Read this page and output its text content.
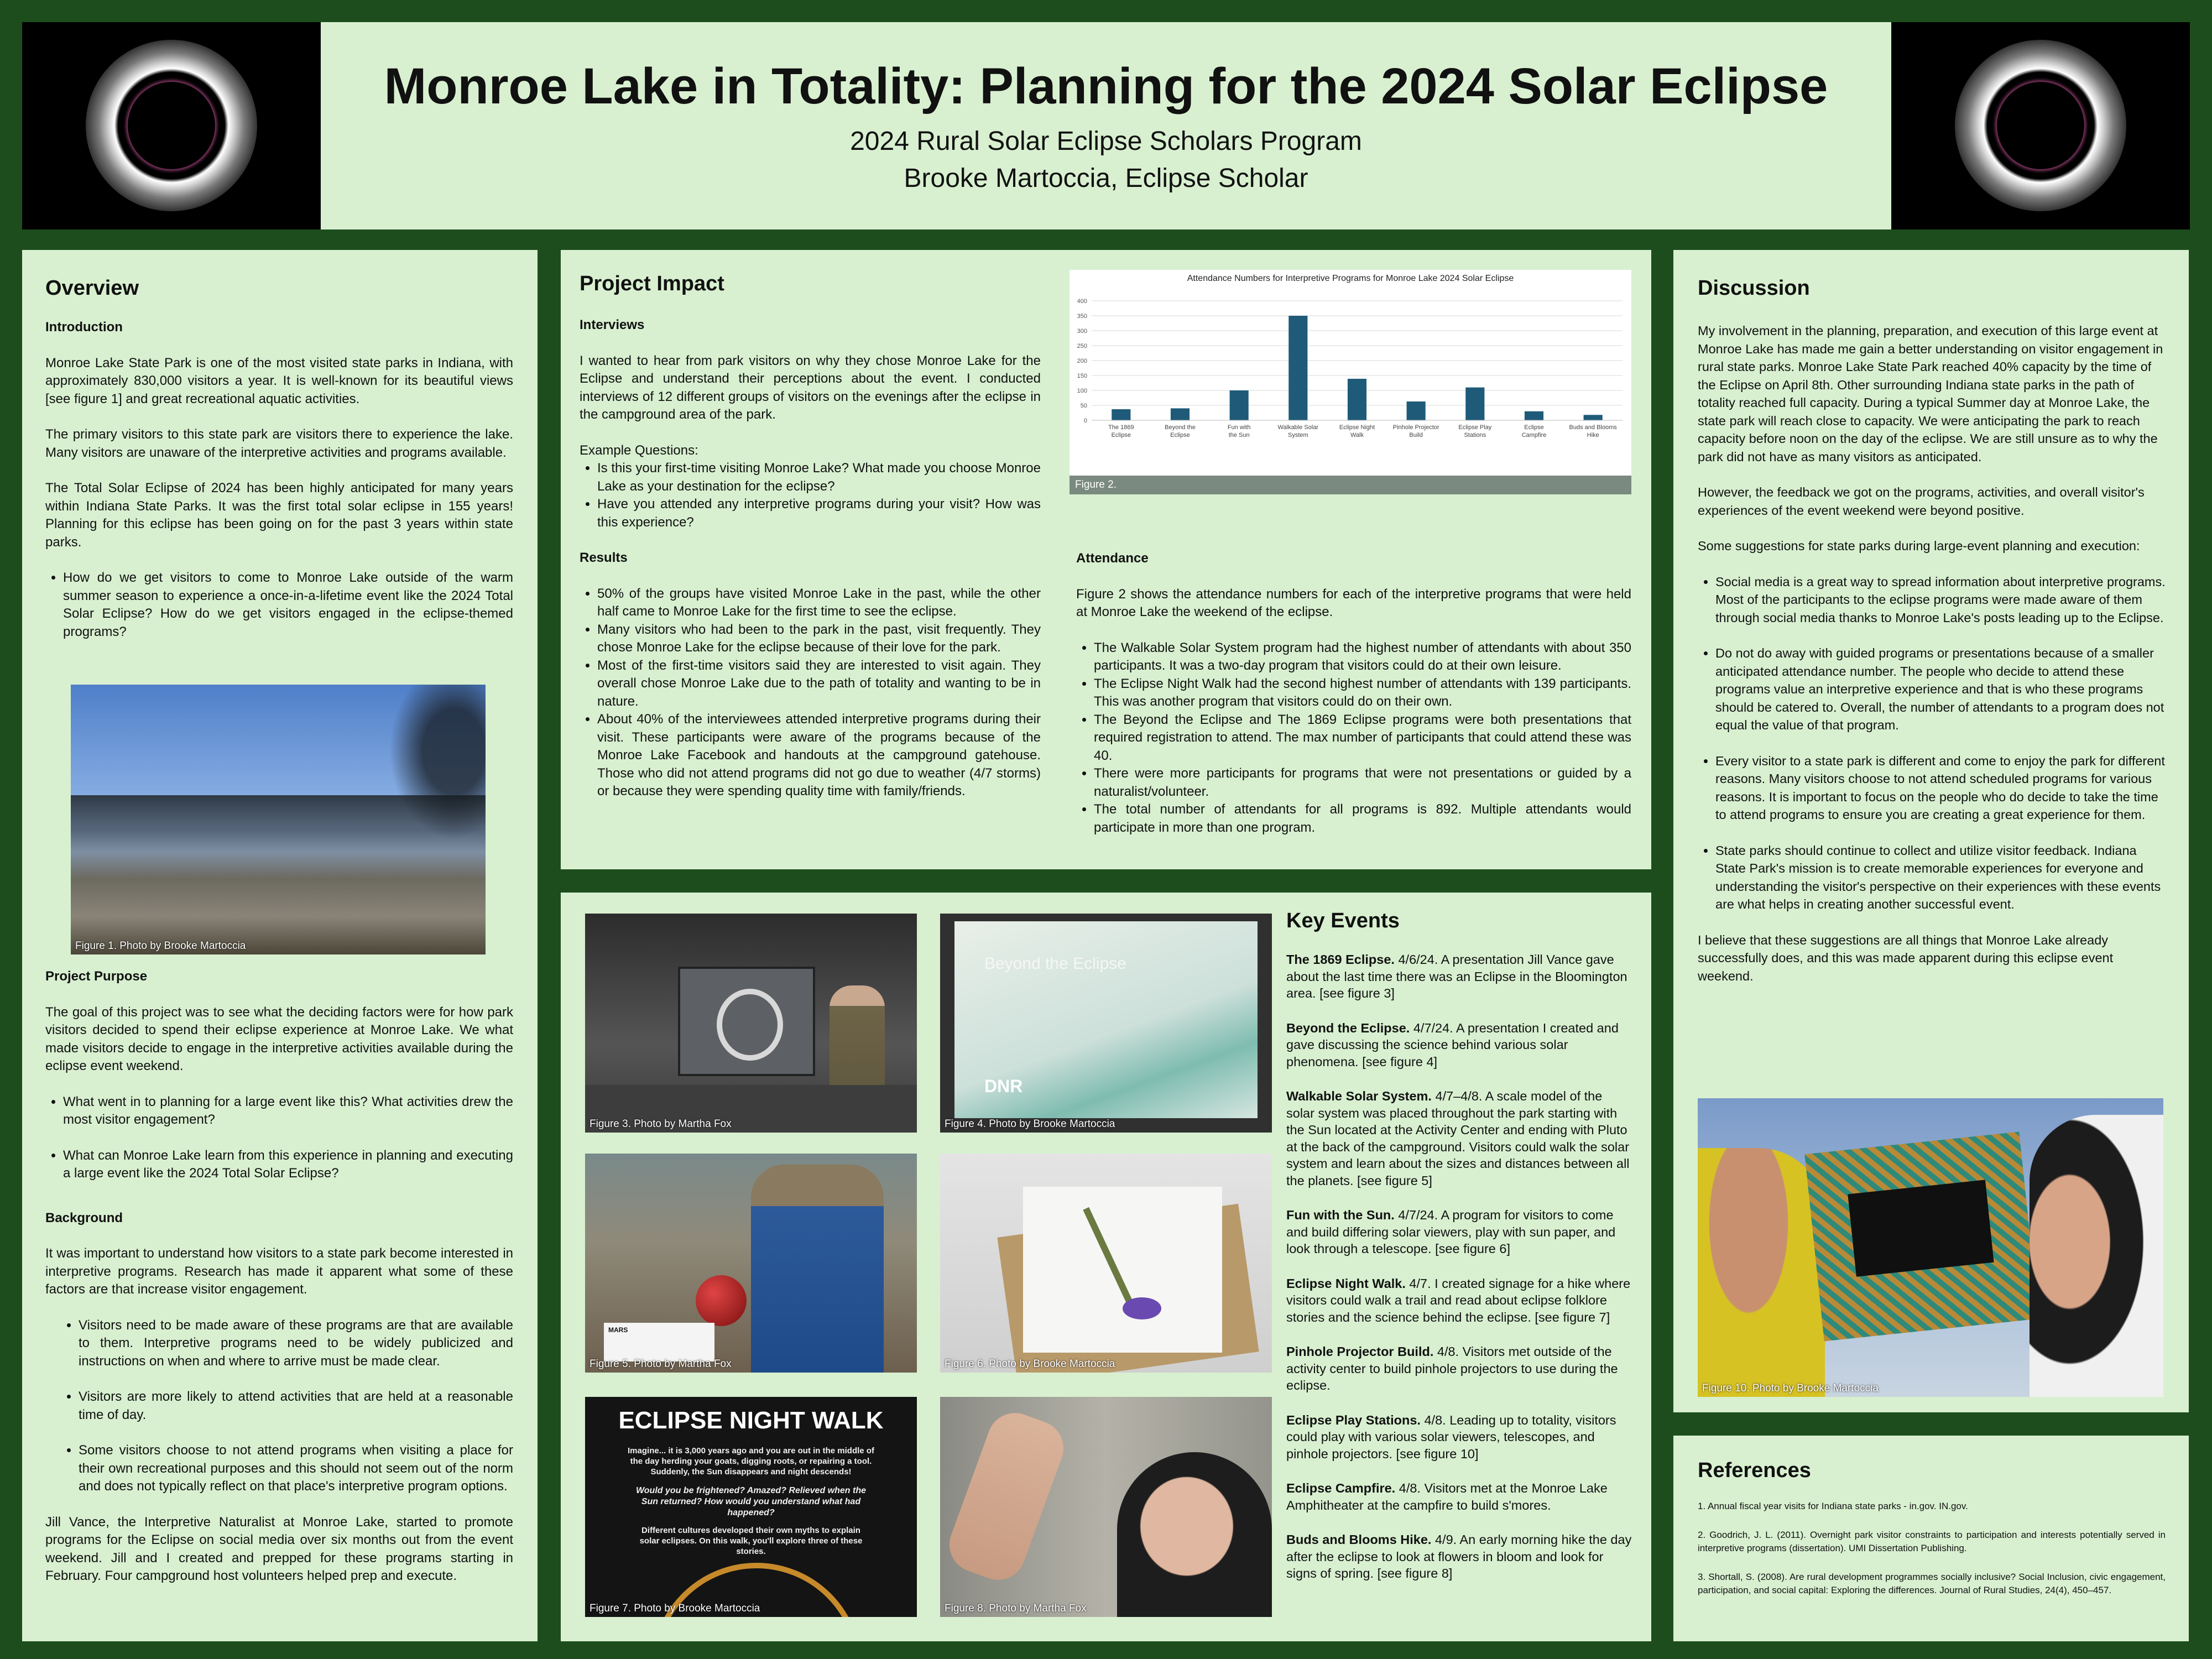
Monroe Lake in Totality: Planning for the 2024 Solar Eclipse
2024 Rural Solar Eclipse Scholars Program
Brooke Martoccia, Eclipse Scholar
Overview

Introduction

Monroe Lake State Park is one of the most visited state parks in Indiana, with approximately 830,000 visitors a year. It is well-known for its beautiful views [see figure 1] and great recreational aquatic activities.

The primary visitors to this state park are visitors there to experience the lake. Many visitors are unaware of the interpretive activities and programs available.

The Total Solar Eclipse of 2024 has been highly anticipated for many years within Indiana State Parks. It was the first total solar eclipse in 155 years! Planning for this eclipse has been going on for the past 3 years within state parks.

• How do we get visitors to come to Monroe Lake outside of the warm summer season to experience a once-in-a-lifetime event like the 2024 Total Solar Eclipse? How do we get visitors engaged in the eclipse-themed programs?
Figure 1. Photo by Brooke Martoccia

Project Purpose

The goal of this project was to see what the deciding factors were for how park visitors decided to spend their eclipse experience at Monroe Lake. We what made visitors decide to engage in the interpretive activities available during the eclipse event weekend.

• What went in to planning for a large event like this? What activities drew the most visitor engagement?
• What can Monroe Lake learn from this experience in planning and executing a large event like the 2024 Total Solar Eclipse?

Background

It was important to understand how visitors to a state park become interested in interpretive programs. Research has made it apparent what some of these factors are that increase visitor engagement.

• Visitors need to be made aware of these programs are that are available to them. Interpretive programs need to be widely publicized and instructions on when and where to arrive must be made clear.
• Visitors are more likely to attend activities that are held at a reasonable time of day.
• Some visitors choose to not attend programs when visiting a place for their own recreational purposes and this should not seem out of the norm and does not typically reflect on that place's interpretive program options.

Jill Vance, the Interpretive Naturalist at Monroe Lake, started to promote programs for the Eclipse on social media over six months out from the event weekend. Jill and I created and prepped for these programs starting in February. Four campground host volunteers helped prep and execute.

Project Impact

Interviews

I wanted to hear from park visitors on why they chose Monroe Lake for the Eclipse and understand their perceptions about the event. I conducted interviews of 12 different groups of visitors on the evenings after the eclipse in the campground area of the park.

Example Questions:

• Is this your first-time visiting Monroe Lake? What made you choose Monroe Lake as your destination for the eclipse?
• Have you attended any interpretive programs during your visit? How was this experience?

Results

• 50% of the groups have visited Monroe Lake in the past, while the other half came to Monroe Lake for the first time to see the eclipse.
• Many visitors who had been to the park in the past, visit frequently. They chose Monroe Lake for the eclipse because of their love for the park.
• Most of the first-time visitors said they are interested to visit again. They overall chose Monroe Lake due to the path of totality and wanting to be in nature.
• About 40% of the interviewees attended interpretive programs during their visit. These participants were aware of the programs because of the Monroe Lake Facebook and handouts at the campground gatehouse. Those who did not attend programs did not go due to weather (4/7 storms) or because they were spending quality time with family/friends.
Attendance Numbers for Interpretive Programs for Monroe Lake 2024 Solar Eclipse
0
50
100
150
200
250
300
350
400
The 1869 Eclipse
Beyond the Eclipse
Fun with the Sun
Walkable Solar System
Eclipse Night Walk
Pinhole Projector Build
Eclipse Play Stations
Eclipse Campfire
Buds and Blooms Hike
Figure 2.

Attendance

Figure 2 shows the attendance numbers for each of the interpretive programs that were held at Monroe Lake the weekend of the eclipse.

• The Walkable Solar System program had the highest number of attendants with about 350 participants. It was a two-day program that visitors could do at their own leisure.
• The Eclipse Night Walk had the second highest number of attendants with 139 participants. This was another program that visitors could do on their own.
• The Beyond the Eclipse and The 1869 Eclipse programs were both presentations that required registration to attend. The max number of participants that could attend these was 40.
• There were more participants for programs that were not presentations or guided by a naturalist/volunteer.
• The total number of attendants for all programs is 892. Multiple attendants would participate in more than one program.
Figure 3. Photo by Martha Fox
Beyond the Eclipse
DNR
Figure 4. Photo by Brooke Martoccia
MARS
Figure 5. Photo by Martha Fox	Figure 6. Photo by Brooke Martoccia
ECLIPSE NIGHT WALK
Imagine... it is 3,000 years ago and you are out in the middle of the day herding your goats, digging roots, or repairing a tool. Suddenly, the Sun disappears and night descends!
Would you be frightened? Amazed? Relieved when the Sun returned? How would you understand what had happened?
Different cultures developed their own myths to explain solar eclipses. On this walk, you'll explore three of these stories.
Figure 7. Photo by Brooke Martoccia	Figure 8. Photo by Martha Fox
Key Events

The 1869 Eclipse. 4/6/24. A presentation Jill Vance gave about the last time there was an Eclipse in the Bloomington area. [see figure 3]

Beyond the Eclipse. 4/7/24. A presentation I created and gave discussing the science behind various solar phenomena. [see figure 4]

Walkable Solar System. 4/7–4/8. A scale model of the solar system was placed throughout the park starting with the Sun located at the Activity Center and ending with Pluto at the back of the campground. Visitors could walk the solar system and learn about the sizes and distances between all the planets. [see figure 5]

Fun with the Sun. 4/7/24. A program for visitors to come and build differing solar viewers, play with sun paper, and look through a telescope. [see figure 6]

Eclipse Night Walk. 4/7. I created signage for a hike where visitors could walk a trail and read about eclipse folklore stories and the science behind the eclipse. [see figure 7]

Pinhole Projector Build. 4/8. Visitors met outside of the activity center to build pinhole projectors to use during the eclipse.

Eclipse Play Stations. 4/8. Leading up to totality, visitors could play with various solar viewers, telescopes, and pinhole projectors. [see figure 10]

Eclipse Campfire. 4/8. Visitors met at the Monroe Lake Amphitheater at the campfire to build s'mores.

Buds and Blooms Hike. 4/9. An early morning hike the day after the eclipse to look at flowers in bloom and look for signs of spring. [see figure 8]

Discussion

My involvement in the planning, preparation, and execution of this large event at Monroe Lake has made me gain a better understanding on visitor engagement in rural state parks. Monroe Lake State Park reached 40% capacity by the time of the Eclipse on April 8th. Other surrounding Indiana state parks in the path of totality reached full capacity. During a typical Summer day at Monroe Lake, the state park will reach close to capacity. We were anticipating the park to reach capacity before noon on the day of the eclipse. We are still unsure as to why the park did not have as many visitors as anticipated.

However, the feedback we got on the programs, activities, and overall visitor's experiences of the event weekend were beyond positive.

Some suggestions for state parks during large-event planning and execution:

• Social media is a great way to spread information about interpretive programs. Most of the participants to the eclipse programs were made aware of them through social media thanks to Monroe Lake's posts leading up to the Eclipse.
• Do not do away with guided programs or presentations because of a smaller anticipated attendance number. The people who decide to attend these programs value an interpretive experience and that is who these programs should be catered to. Overall, the number of attendants to a program does not equal the value of that program.
• Every visitor to a state park is different and come to enjoy the park for different reasons. Many visitors choose to not attend scheduled programs for various reasons. It is important to focus on the people who do decide to take the time to attend programs to ensure you are creating a great experience for them.
• State parks should continue to collect and utilize visitor feedback. Indiana State Park's mission is to create memorable experiences for everyone and understanding the visitor's perspective on their experiences with these events are what helps in creating another successful event.

I believe that these suggestions are all things that Monroe Lake already successfully does, and this was made apparent during this eclipse event weekend.

Figure 10. Photo by Brooke Martoccia
References

1. Annual fiscal year visits for Indiana state parks - in.gov. IN.gov.

2. Goodrich, J. L. (2011). Overnight park visitor constraints to participation and interests potentially served in interpretive programs (dissertation). UMI Dissertation Publishing.

3. Shortall, S. (2008). Are rural development programmes socially inclusive? Social Inclusion, civic engagement, participation, and social capital: Exploring the differences. Journal of Rural Studies, 24(4), 450–457.
